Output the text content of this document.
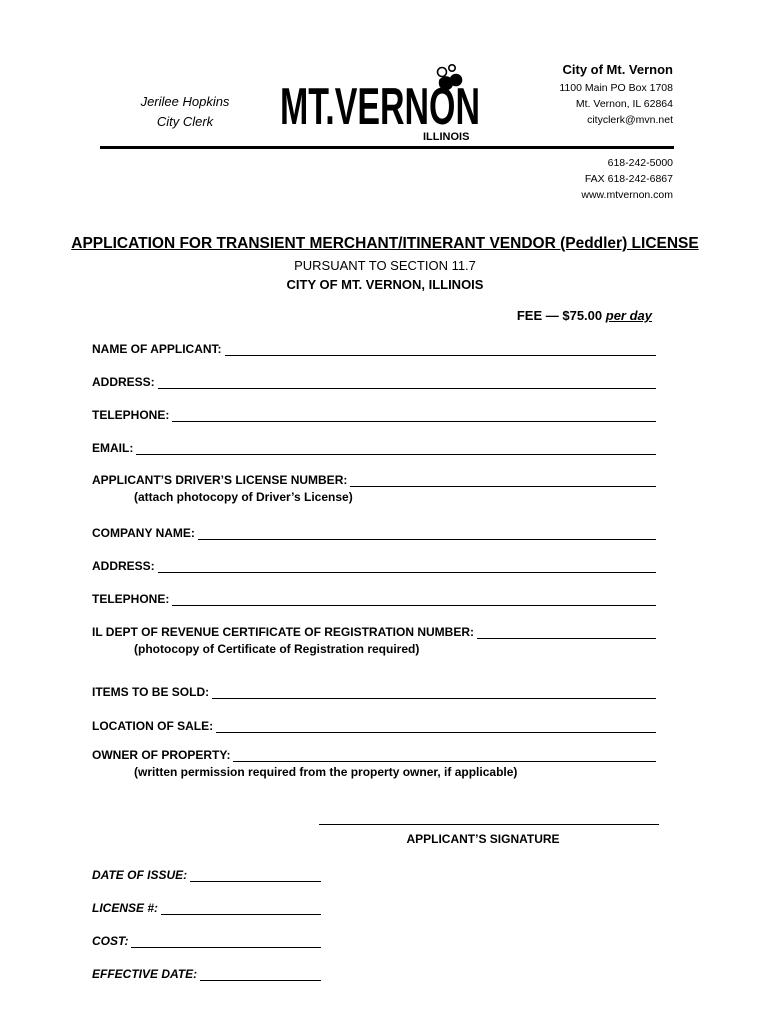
Jerilee Hopkins
City Clerk	MT.VERNON
ILLINOIS
City of Mt. Vernon
1100 Main PO Box 1708
Mt. Vernon, IL 62864
cityclerk@mvn.net
618-242-5000
FAX 618-242-6867
www.mtvernon.com
APPLICATION FOR TRANSIENT MERCHANT/ITINERANT VENDOR (Peddler) LICENSE
PURSUANT TO SECTION 11.7
CITY OF MT. VERNON, ILLINOIS
FEE — $75.00 per day
NAME OF APPLICANT:
ADDRESS:
TELEPHONE:
EMAIL:
APPLICANT’S DRIVER’S LICENSE NUMBER:
(attach photocopy of Driver’s License)
COMPANY NAME:
ADDRESS:
TELEPHONE:
IL DEPT OF REVENUE CERTIFICATE OF REGISTRATION NUMBER:
(photocopy of Certificate of Registration required)
ITEMS TO BE SOLD:
LOCATION OF SALE:
OWNER OF PROPERTY:
(written permission required from the property owner, if applicable)
APPLICANT’S SIGNATURE
DATE OF ISSUE:
LICENSE #:
COST:
EFFECTIVE DATE:
